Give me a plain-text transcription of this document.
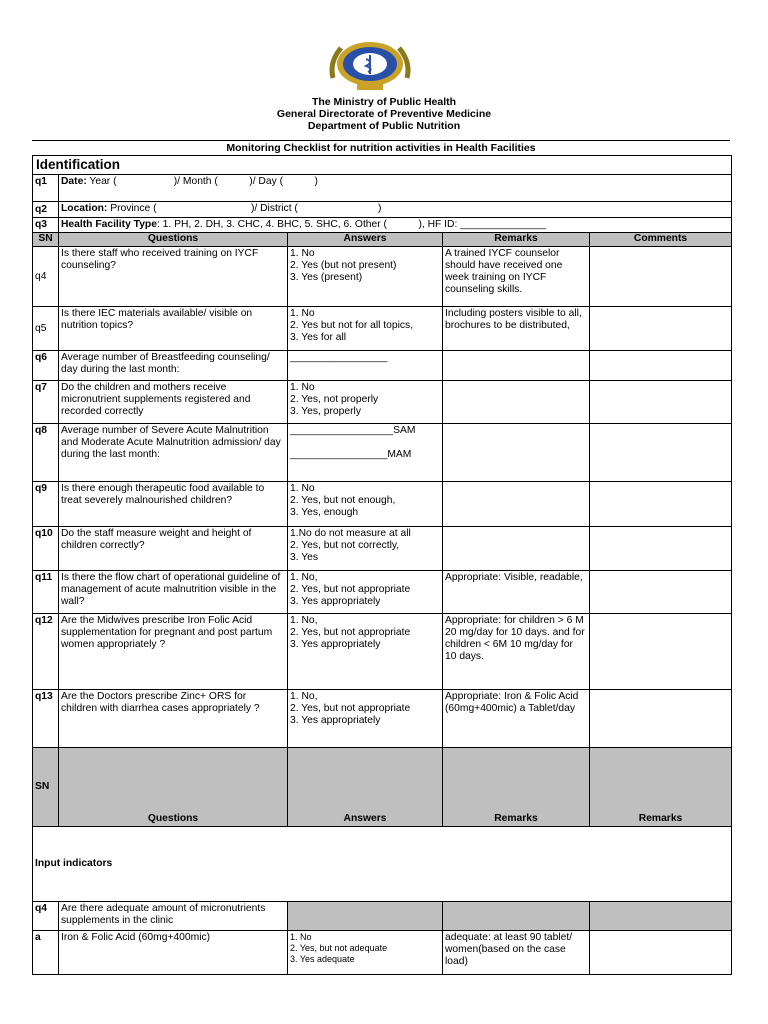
The Ministry of Public Health
General Directorate of Preventive Medicine
Department of Public Nutrition
Monitoring Checklist for nutrition activities in Health Facilities
Identification				
q1	Date: Year (                    )/ Month (           )/ Day (           )			
q2	Location: Province (                                 )/ District (                            )			
q3	Health Facility Type: 1. PH, 2. DH, 3. CHC, 4. BHC, 5. SHC, 6. Other (           ), HF ID: _______________			
SN	Questions	Answers	Remarks	Comments
q4	Is there staff who received training on IYCF counseling?	1. No
2. Yes (but not present)
3. Yes (present)	A trained IYCF counselor should have received one week training on IYCF counseling skills.	
q5	Is there IEC materials available/ visible on nutrition topics?	1. No
2. Yes but not for all topics,
3. Yes for all	Including posters visible to all, brochures to be distributed,	
q6	Average number of Breastfeeding counseling/ day during the last month:	_________________		
q7	Do the children and mothers receive micronutrient supplements registered and recorded correctly	1. No
2. Yes, not properly
3. Yes, properly		
q8	Average number of Severe Acute Malnutrition and Moderate Acute Malnutrition admission/ day during the last month:	__________________SAM

_________________MAM		
q9	Is there enough therapeutic food available to treat severely malnourished children?	1. No
2. Yes, but not enough,
3. Yes, enough		
q10	Do the staff measure weight and height of children correctly?	1.No do not measure at all
2. Yes, but not correctly,
3. Yes		
q11	Is there the flow chart of operational guideline of management of acute malnutrition visible in the wall?	1. No,
2. Yes, but not appropriate
3. Yes appropriately	Appropriate: Visible, readable,	
q12	Are the Midwives prescribe Iron Folic Acid supplementation for pregnant and post partum women appropriately ?	1. No,
2. Yes, but not appropriate
3. Yes appropriately	Appropriate: for children > 6 M 20 mg/day for 10 days. and for children < 6M 10 mg/day for 10 days.	
q13	Are the Doctors prescribe Zinc+ ORS for children with diarrhea cases appropriately ?	1. No,
2. Yes, but not appropriate
3. Yes appropriately	Appropriate: Iron & Folic Acid (60mg+400mic) a Tablet/day	
SN	Questions	Answers	Remarks	Remarks
Input indicators				
q4	Are there adequate amount of micronutrients supplements in the clinic			
a	Iron & Folic Acid (60mg+400mic)	1. No
2. Yes, but not adequate
3. Yes adequate	adequate: at least 90 tablet/ women(based on the case load)	
